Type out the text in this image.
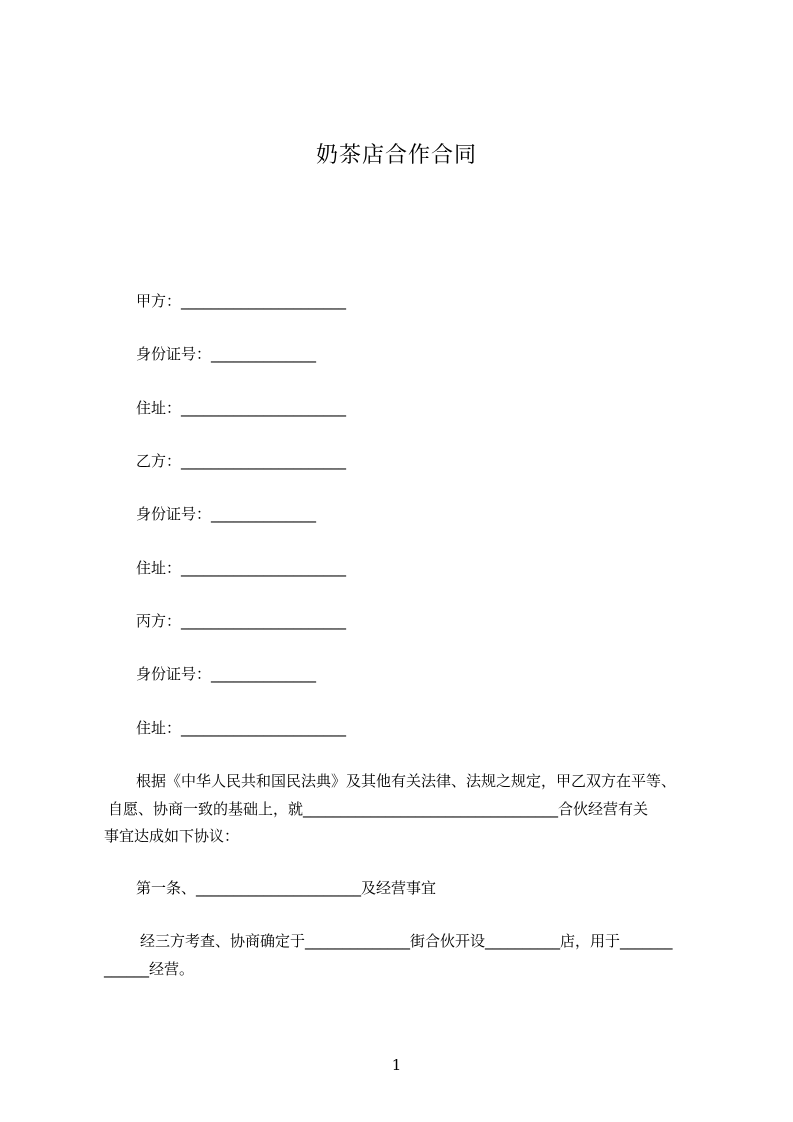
奶茶店合作合同
甲方：______________________
身份证号：______________
住址：______________________
乙方：______________________
身份证号：______________
住址：______________________
丙方：______________________
身份证号：______________
住址：______________________
根据《中华人民共和国民法典》及其他有关法律、法规之规定，甲乙双方在平等、
自愿、协商一致的基础上，就__________________________________合伙经营有关
事宜达成如下协议：
第一条、______________________及经营事宜
经三方考查、协商确定于______________街合伙开设__________店，用于_______
______经营。
1
